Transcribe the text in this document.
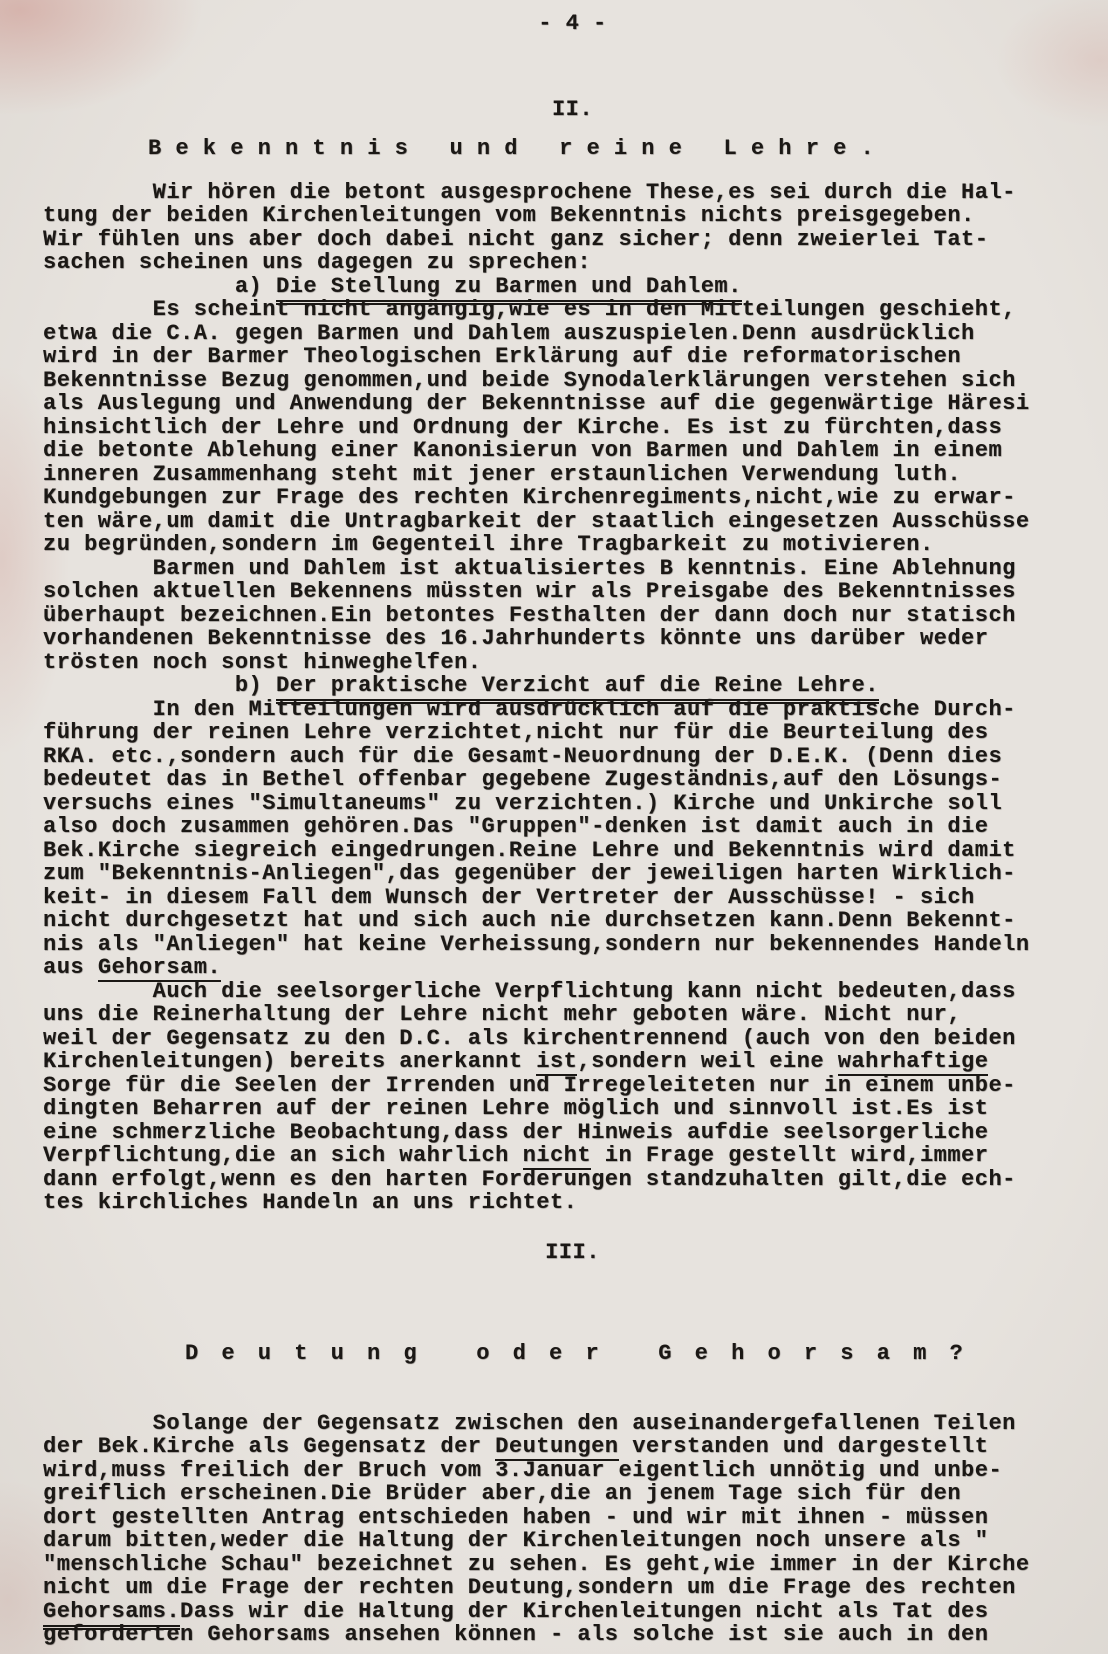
- 4 -
II.
B e k e n n t n i s   u n d   r e i n e   L e h r e .
Wir hören die betont ausgesprochene These,es sei durch die Hal-
tung der beiden Kirchenleitungen vom Bekenntnis nichts preisgegeben.
Wir fühlen uns aber doch dabei nicht ganz sicher; denn zweierlei Tat-
sachen scheinen uns dagegen zu sprechen:
a) Die Stellung zu Barmen und Dahlem.
Es scheint nicht angängig,wie es in den Mitteilungen geschieht,
etwa die C.A. gegen Barmen und Dahlem auszuspielen.Denn ausdrücklich
wird in der Barmer Theologischen Erklärung auf die reformatorischen
Bekenntnisse Bezug genommen,und beide Synodalerklärungen verstehen sich
als Auslegung und Anwendung der Bekenntnisse auf die gegenwärtige Häresi
hinsichtlich der Lehre und Ordnung der Kirche. Es ist zu fürchten,dass
die betonte Ablehung einer Kanonisierun von Barmen und Dahlem in einem
inneren Zusammenhang steht mit jener erstaunlichen Verwendung luth.
Kundgebungen zur Frage des rechten Kirchenregiments,nicht,wie zu erwar-
ten wäre,um damit die Untragbarkeit der staatlich eingesetzen Ausschüsse
zu begründen,sondern im Gegenteil ihre Tragbarkeit zu motivieren.
Barmen und Dahlem ist aktualisiertes B kenntnis. Eine Ablehnung
solchen aktuellen Bekennens müssten wir als Preisgabe des Bekenntnisses
überhaupt bezeichnen.Ein betontes Festhalten der dann doch nur statisch
vorhandenen Bekenntnisse des 16.Jahrhunderts könnte uns darüber weder
trösten noch sonst hinweghelfen.
b) Der praktische Verzicht auf die Reine Lehre.
In den Mitteilungen wird ausdrücklich auf die praktische Durch-
führung der reinen Lehre verzichtet,nicht nur für die Beurteilung des
RKA. etc.,sondern auch für die Gesamt-Neuordnung der D.E.K. (Denn dies
bedeutet das in Bethel offenbar gegebene Zugeständnis,auf den Lösungs-
versuchs eines "Simultaneums" zu verzichten.) Kirche und Unkirche soll
also doch zusammen gehören.Das "Gruppen"-denken ist damit auch in die
Bek.Kirche siegreich eingedrungen.Reine Lehre und Bekenntnis wird damit
zum "Bekenntnis-Anliegen",das gegenüber der jeweiligen harten Wirklich-
keit- in diesem Fall dem Wunsch der Vertreter der Ausschüsse! - sich
nicht durchgesetzt hat und sich auch nie durchsetzen kann.Denn Bekennt-
nis als "Anliegen" hat keine Verheissung,sondern nur bekennendes Handeln
aus Gehorsam.
Auch die seelsorgerliche Verpflichtung kann nicht bedeuten,dass
uns die Reinerhaltung der Lehre nicht mehr geboten wäre. Nicht nur,
weil der Gegensatz zu den D.C. als kirchentrennend (auch von den beiden
Kirchenleitungen) bereits anerkannt ist,sondern weil eine wahrhaftige
Sorge für die Seelen der Irrenden und Irregeleiteten nur in einem unbe-
dingten Beharren auf der reinen Lehre möglich und sinnvoll ist.Es ist
eine schmerzliche Beobachtung,dass der Hinweis aufdie seelsorgerliche
Verpflichtung,die an sich wahrlich nicht in Frage gestellt wird,immer
dann erfolgt,wenn es den harten Forderungen standzuhalten gilt,die ech-
tes kirchliches Handeln an uns richtet.
III.
D e u t u n g   o d e r   G e h o r s a m ?
Solange der Gegensatz zwischen den auseinandergefallenen Teilen
der Bek.Kirche als Gegensatz der Deutungen verstanden und dargestellt
wird,muss freilich der Bruch vom 3.Januar eigentlich unnötig und unbe-
greiflich erscheinen.Die Brüder aber,die an jenem Tage sich für den
dort gestellten Antrag entschieden haben - und wir mit ihnen - müssen
darum bitten,weder die Haltung der Kirchenleitungen noch unsere als "
"menschliche Schau" bezeichnet zu sehen. Es geht,wie immer in der Kirche
nicht um die Frage der rechten Deutung,sondern um die Frage des rechten
Gehorsams.Dass wir die Haltung der Kirchenleitungen nicht als Tat des
geforderten Gehorsams ansehen können - als solche ist sie auch in den
